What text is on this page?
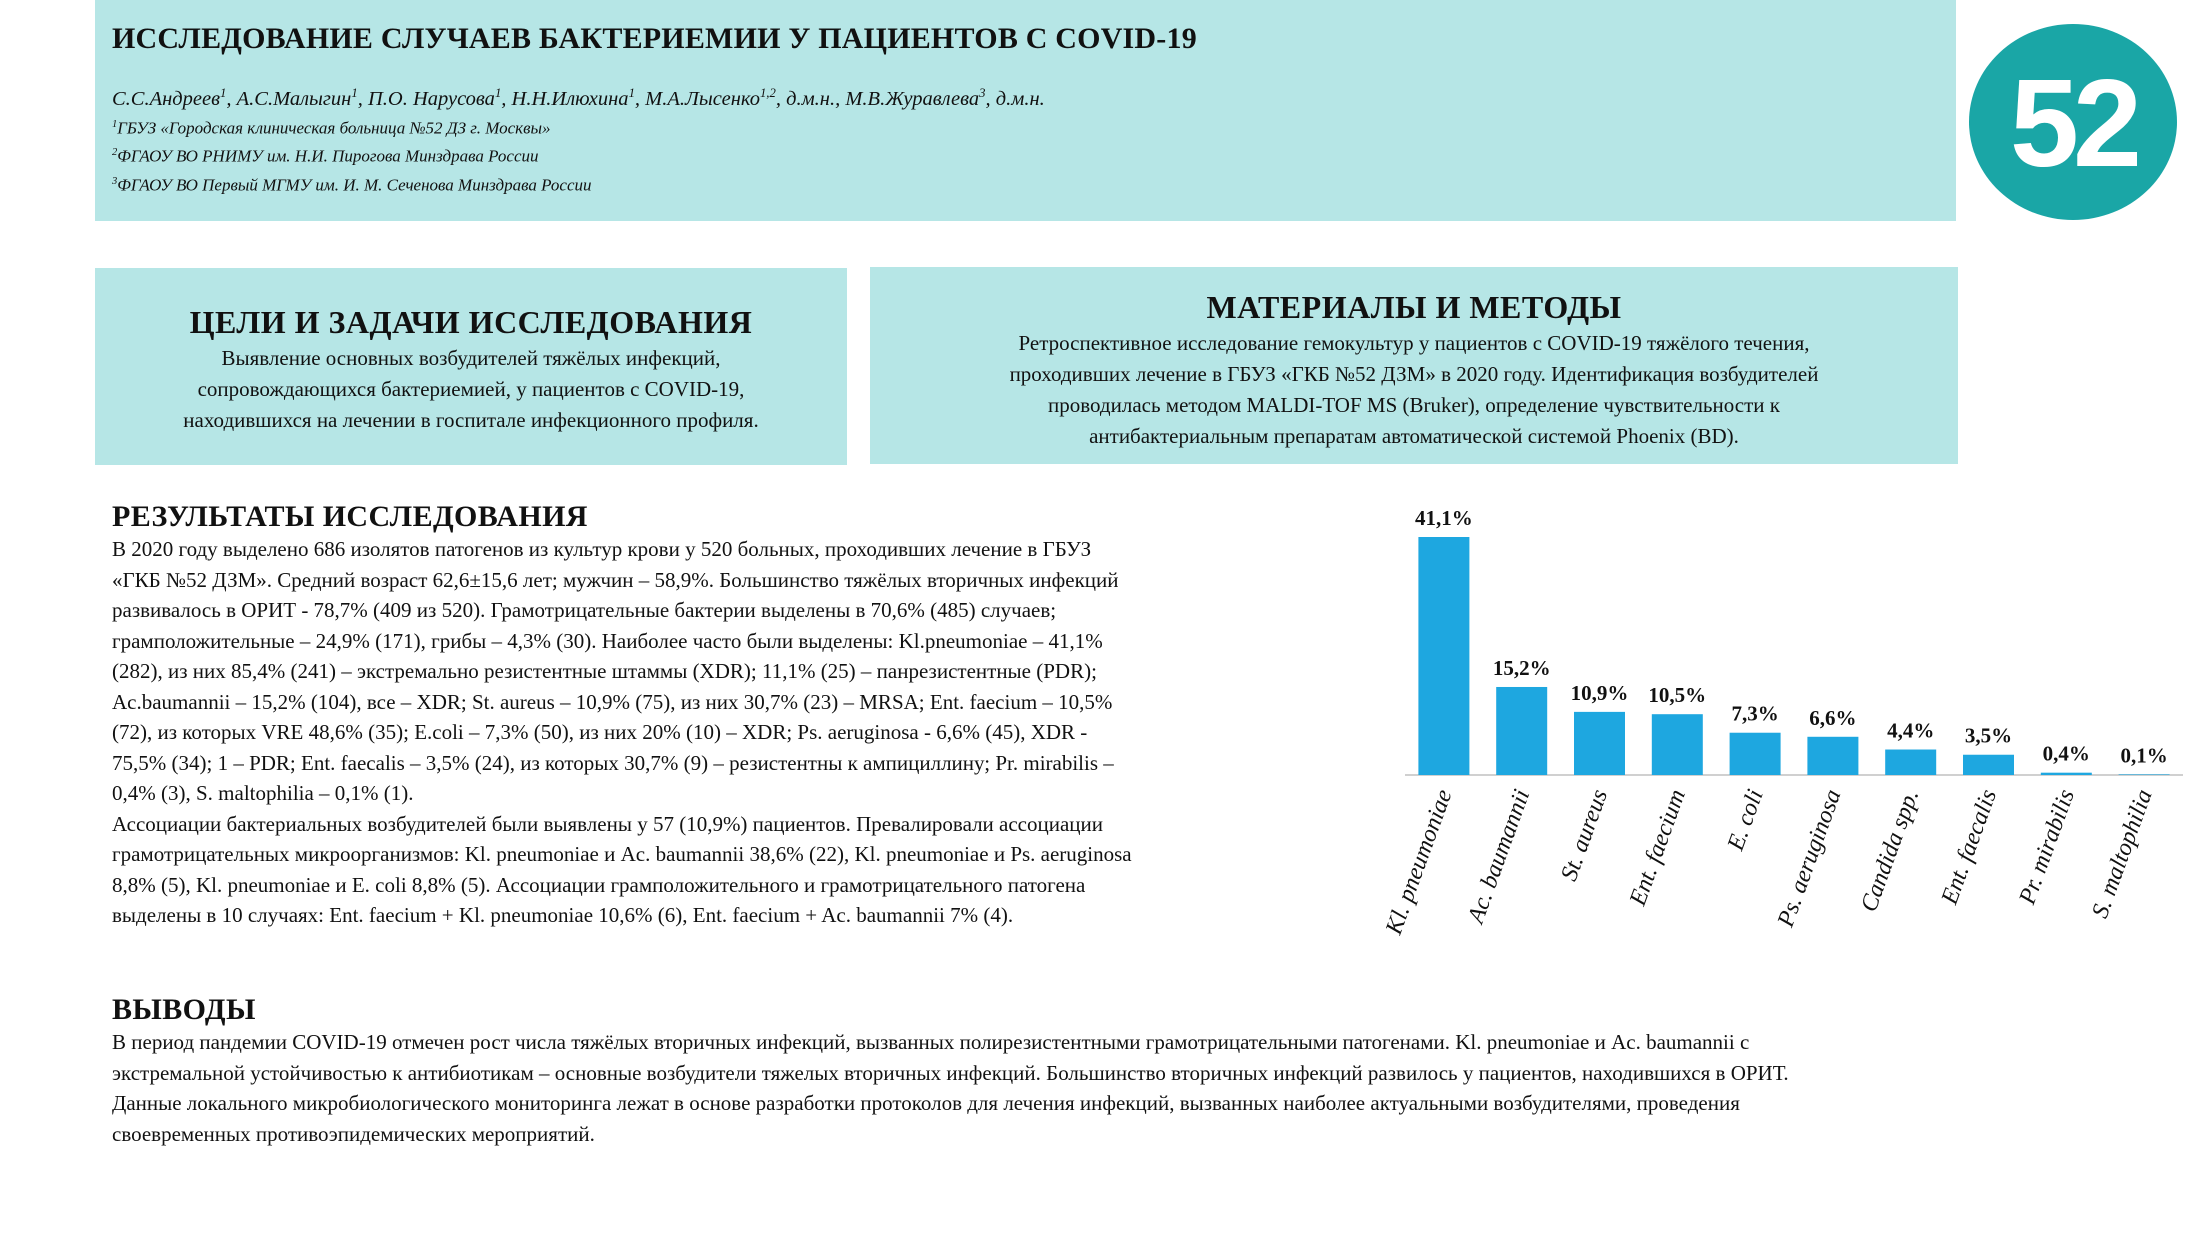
ИССЛЕДОВАНИЕ СЛУЧАЕВ БАКТЕРИЕМИИ У ПАЦИЕНТОВ С COVID-19

С.С.Андреев$^1$, А.С.Малыгин$^1$, П.О. Нарусова$^1$, Н.Н.Илюхина$^1$, М.А.Лысенко$^{1,2}$, д.м.н., М.В.Журавлева$^3$, д.м.н.

$^1$ГБУЗ «Городская клиническая больница №52 ДЗ г. Москвы»

$^2$ФГАОУ ВО РНИМУ им. Н.И. Пирогова Минздрава России

$^3$ФГАОУ ВО Первый МГМУ им. И. М. Сеченова Минздрава России	52
ЦЕЛИ И ЗАДАЧИ ИССЛЕДОВАНИЯ

Выявление основных возбудителей тяжёлых инфекций,
сопровождающихся бактериемией, у пациентов с COVID-19,
находившихся на лечении в госпитале инфекционного профиля.

МАТЕРИАЛЫ И МЕТОДЫ

Ретроспективное исследование гемокультур у пациентов с COVID-19 тяжёлого течения,
проходивших лечение в ГБУЗ «ГКБ №52 ДЗМ» в 2020 году. Идентификация возбудителей
проводилась методом MALDI-TOF MS (Bruker), определение чувствительности к
антибактериальным препаратам автоматической системой Phoenix (BD).

РЕЗУЛЬТАТЫ ИССЛЕДОВАНИЯ

В 2020 году выделено 686 изолятов патогенов из культур крови у 520 больных, проходивших лечение в ГБУЗ
«ГКБ №52 ДЗМ». Средний возраст 62,6±15,6 лет; мужчин – 58,9%. Большинство тяжёлых вторичных инфекций
развивалось в ОРИТ - 78,7% (409 из 520). Грамотрицательные бактерии выделены в 70,6% (485) случаев;
грамположительные – 24,9% (171), грибы – 4,3% (30). Наиболее часто были выделены: Kl.pneumoniae – 41,1%
(282), из них 85,4% (241) – экстремально резистентные штаммы (XDR); 11,1% (25) – панрезистентные (PDR);
Ac.baumannii – 15,2% (104), все – XDR; St. aureus – 10,9% (75), из них 30,7% (23) – MRSA; Ent. faecium – 10,5%
(72), из которых VRE 48,6% (35); E.coli – 7,3% (50), из них 20% (10) – XDR; Ps. aeruginosa - 6,6% (45), XDR -
75,5% (34); 1 – PDR; Ent. faecalis – 3,5% (24), из которых 30,7% (9) – резистентны к ампициллину; Pr. mirabilis –
0,4% (3), S. maltophilia – 0,1% (1).
Ассоциации бактериальных возбудителей были выявлены у 57 (10,9%) пациентов. Превалировали ассоциации
грамотрицательных микроорганизмов: Kl. pneumoniae и Ac. baumannii 38,6% (22), Kl. pneumoniae и Ps. aeruginosa
8,8% (5), Kl. pneumoniae и E. coli 8,8% (5). Ассоциации грамположительного и грамотрицательного патогена
выделены в 10 случаях: Ent. faecium + Kl. pneumoniae 10,6% (6), Ent. faecium + Ac. baumannii 7% (4).

41,1%
Kl. pneumoniae
15,2%
Ac. baumannii
10,9%
St. aureus
10,5%
Ent. faecium
7,3%
E. coli
6,6%
Ps. aeruginosa
4,4%
Candida spp.
3,5%
Ent. faecalis
0,4%
Pr. mirabilis
0,1%
S. maltophilia
ВЫВОДЫ

В период пандемии COVID-19 отмечен рост числа тяжёлых вторичных инфекций, вызванных полирезистентными грамотрицательными патогенами. Kl. pneumoniae и Ac. baumannii с
экстремальной устойчивостью к антибиотикам – основные возбудители тяжелых вторичных инфекций. Большинство вторичных инфекций развилось у пациентов, находившихся в ОРИТ.
Данные локального микробиологического мониторинга лежат в основе разработки протоколов для лечения инфекций, вызванных наиболее актуальными возбудителями, проведения
своевременных противоэпидемических мероприятий.
